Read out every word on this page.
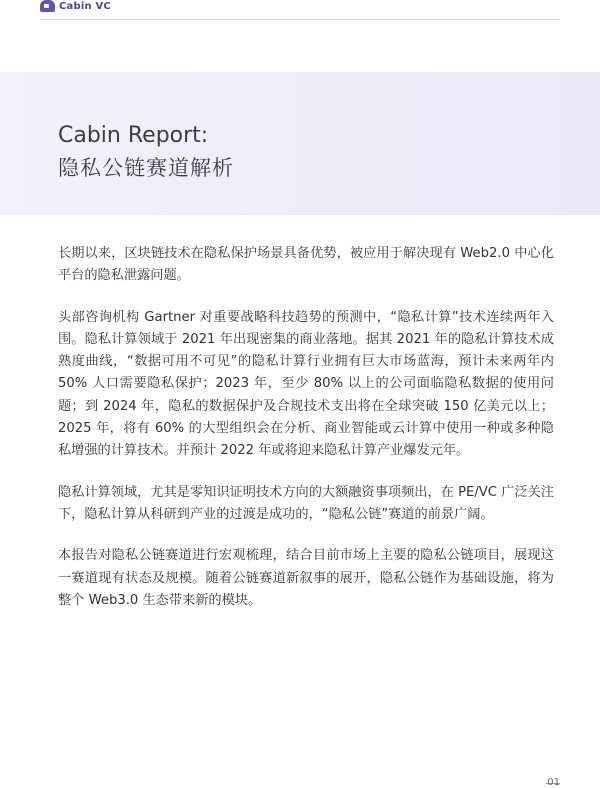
Cabin VC
Cabin Report:
隐私公链赛道解析

长期以来，区块链技术在隐私保护场景具备优势，被应用于解决现有 Web2.0 中心化平台的隐私泄露问题。

头部咨询机构 Gartner 对重要战略科技趋势的预测中，“隐私计算”技术连续两年入围。隐私计算领域于 2021 年出现密集的商业落地。据其 2021 年的隐私计算技术成熟度曲线，“数据可用不可见”的隐私计算行业拥有巨大市场蓝海，预计未来两年内 50% 人口需要隐私保护；2023 年，至少 80% 以上的公司面临隐私数据的使用问题；到 2024 年，隐私的数据保护及合规技术支出将在全球突破 150 亿美元以上；2025 年，将有 60% 的大型组织会在分析、商业智能或云计算中使用一种或多种隐私增强的计算技术。并预计 2022 年或将迎来隐私计算产业爆发元年。

隐私计算领域，尤其是零知识证明技术方向的大额融资事项频出，在 PE/VC 广泛关注下，隐私计算从科研到产业的过渡是成功的，“隐私公链”赛道的前景广阔。

本报告对隐私公链赛道进行宏观梳理，结合目前市场上主要的隐私公链项目，展现这一赛道现有状态及规模。随着公链赛道新叙事的展开，隐私公链作为基础设施，将为整个 Web3.0 生态带来新的模块。

01
